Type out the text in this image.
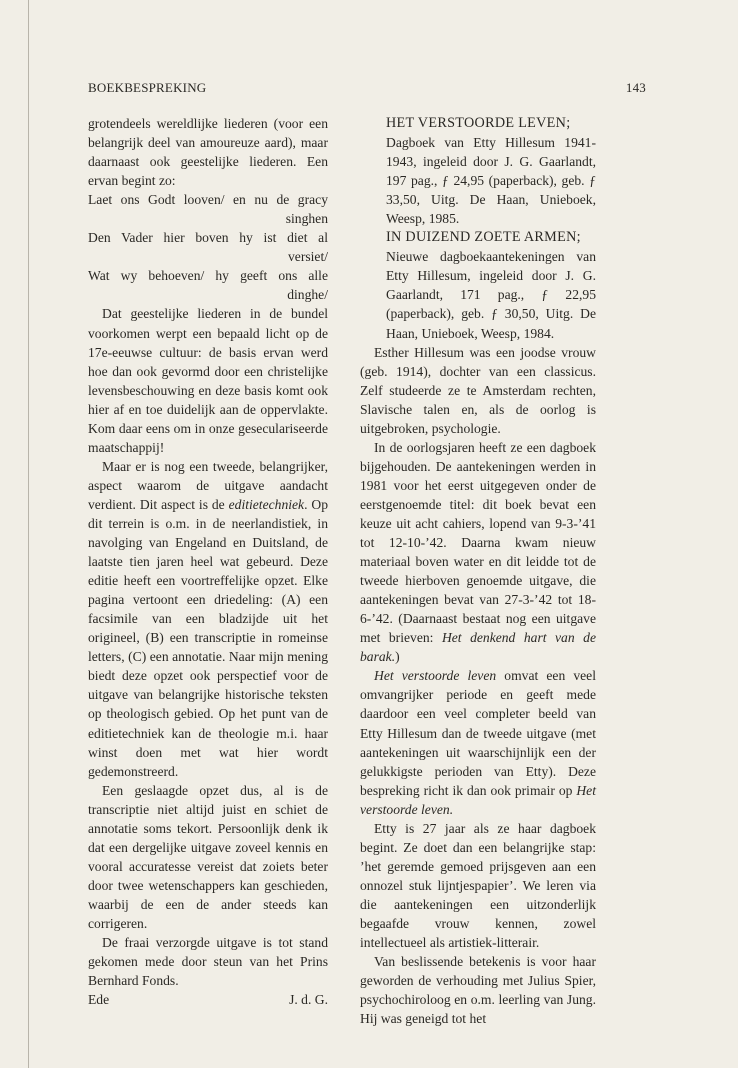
BOEKBESPREKING	143

grotendeels wereldlijke liederen (voor een belangrijk deel van amoureuze aard), maar daarnaast ook geestelijke liederen. Een ervan begint zo:

Laet ons Godt looven/ en nu de gracy
singhen
Den Vader hier boven hy ist diet al
versiet/
Wat wy behoeven/ hy geeft ons alle
dinghe/

Dat geestelijke liederen in de bundel voorkomen werpt een bepaald licht op de 17e-eeuwse cultuur: de basis ervan werd hoe dan ook gevormd door een christelijke levensbeschouwing en deze basis komt ook hier af en toe duidelijk aan de oppervlakte. Kom daar eens om in onze geseculariseerde maatschappij!

Maar er is nog een tweede, belangrijker, aspect waarom de uitgave aandacht verdient. Dit aspect is de editietechniek. Op dit terrein is o.m. in de neerlandistiek, in navolging van Engeland en Duitsland, de laatste tien jaren heel wat gebeurd. Deze editie heeft een voortreffelijke opzet. Elke pagina vertoont een driedeling: (A) een facsimile van een bladzijde uit het origineel, (B) een transcriptie in romeinse letters, (C) een annotatie. Naar mijn mening biedt deze opzet ook perspectief voor de uitgave van belangrijke historische teksten op theologisch gebied. Op het punt van de editietechniek kan de theologie m.i. haar winst doen met wat hier wordt gedemonstreerd.

Een geslaagde opzet dus, al is de transcriptie niet altijd juist en schiet de annotatie soms tekort. Persoonlijk denk ik dat een dergelijke uitgave zoveel kennis en vooral accuratesse vereist dat zoiets beter door twee wetenschappers kan geschieden, waarbij de een de ander steeds kan corrigeren.

De fraai verzorgde uitgave is tot stand gekomen mede door steun van het Prins Bernhard Fonds.

Ede	J. d. G.
HET VERSTOORDE LEVEN;
Dagboek van Etty Hillesum 1941-1943, ingeleid door J. G. Gaarlandt, 197 pag., ƒ 24,95 (paperback), geb. ƒ 33,50, Uitg. De Haan, Unieboek, Weesp, 1985.
IN DUIZEND ZOETE ARMEN;
Nieuwe dagboekaantekeningen van Etty Hillesum, ingeleid door J. G. Gaarlandt, 171 pag., ƒ 22,95 (paperback), geb. ƒ 30,50, Uitg. De Haan, Unieboek, Weesp, 1984.

Esther Hillesum was een joodse vrouw (geb. 1914), dochter van een classicus. Zelf studeerde ze te Amsterdam rechten, Slavische talen en, als de oorlog is uitgebroken, psychologie.

In de oorlogsjaren heeft ze een dagboek bijgehouden. De aantekeningen werden in 1981 voor het eerst uitgegeven onder de eerstgenoemde titel: dit boek bevat een keuze uit acht cahiers, lopend van 9-3-’41 tot 12-10-’42. Daarna kwam nieuw materiaal boven water en dit leidde tot de tweede hierboven genoemde uitgave, die aantekeningen bevat van 27-3-’42 tot 18-6-’42. (Daarnaast bestaat nog een uitgave met brieven: Het denkend hart van de barak.)

Het verstoorde leven omvat een veel omvangrijker periode en geeft mede daardoor een veel completer beeld van Etty Hillesum dan de tweede uitgave (met aantekeningen uit waarschijnlijk een der gelukkigste perioden van Etty). Deze bespreking richt ik dan ook primair op Het verstoorde leven.

Etty is 27 jaar als ze haar dagboek begint. Ze doet dan een belangrijke stap: ’het geremde gemoed prijsgeven aan een onnozel stuk lijntjespapier’. We leren via die aantekeningen een uitzonderlijk begaafde vrouw kennen, zowel intellectueel als artistiek-litterair.

Van beslissende betekenis is voor haar geworden de verhouding met Julius Spier, psychochiroloog en o.m. leerling van Jung. Hij was geneigd tot het
